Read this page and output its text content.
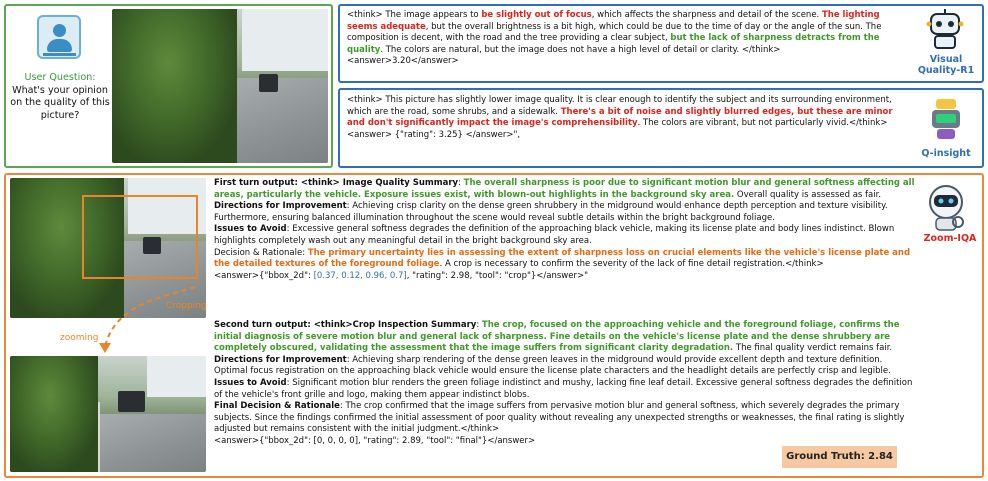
User Question:
What's your opinion on the quality of this picture?
<think> The image appears to be slightly out of focus, which affects the sharpness and detail of the scene. The lighting seems adequate, but the overall brightness is a bit high, which could be due to the time of day or the angle of the sun. The composition is decent, with the road and the tree providing a clear subject, but the lack of sharpness detracts from the quality. The colors are natural, but the image does not have a high level of detail or clarity. </think>
<answer>3.20</answer>	Visual
Quality-R1
<think> This picture has slightly lower image quality. It is clear enough to identify the subject and its surrounding environment, which are the road, some shrubs, and a sidewalk. There's a bit of noise and slightly blurred edges, but these are minor and don't significantly impact the image's comprehensibility. The colors are vibrant, but not particularly vivid.</think>
<answer> {"rating": 3.25} </answer>",
Q-insight
Cropping
zooming
Zoom-IQA
First turn output: <think> Image Quality Summary: The overall sharpness is poor due to significant motion blur and general softness affecting all areas, particularly the vehicle. Exposure issues exist, with blown-out highlights in the background sky area. Overall quality is assessed as fair.
Directions for Improvement: Achieving crisp clarity on the dense green shrubbery in the midground would enhance depth perception and texture visibility. Furthermore, ensuring balanced illumination throughout the scene would reveal subtle details within the bright background foliage.
Issues to Avoid: Excessive general softness degrades the definition of the approaching black vehicle, making its license plate and body lines indistinct. Blown highlights completely wash out any meaningful detail in the bright background sky area.
Decision & Rationale: The primary uncertainty lies in assessing the extent of sharpness loss on crucial elements like the vehicle's license plate and the detailed textures of the foreground foliage. A crop is necessary to confirm the severity of the lack of fine detail registration.</think>
<answer>{"bbox_2d": [0.37, 0.12, 0.96, 0.7], "rating": 2.98, "tool": "crop"}</answer>"
Second turn output: <think>Crop Inspection Summary: The crop, focused on the approaching vehicle and the foreground foliage, confirms the initial diagnosis of severe motion blur and general lack of sharpness. Fine details on the vehicle's license plate and the dense shrubbery are completely obscured, validating the assessment that the image suffers from significant clarity degradation. The final quality verdict remains fair.
Directions for Improvement: Achieving sharp rendering of the dense green leaves in the midground would provide excellent depth and texture definition.
Optimal focus registration on the approaching black vehicle would ensure the license plate characters and the headlight details are perfectly crisp and legible.
Issues to Avoid: Significant motion blur renders the green foliage indistinct and mushy, lacking fine leaf detail. Excessive general softness degrades the definition of the vehicle's front grille and logo, making them appear indistinct blobs.
Final Decision & Rationale: The crop confirmed that the image suffers from pervasive motion blur and general softness, which severely degrades the primary subjects. Since the findings confirmed the initial assessment of poor quality without revealing any unexpected strengths or weaknesses, the final rating is slightly adjusted but remains consistent with the initial judgment.</think>
<answer>{"bbox_2d": [0, 0, 0, 0], "rating": 2.89, "tool": "final"}</answer>
Ground Truth: 2.84
